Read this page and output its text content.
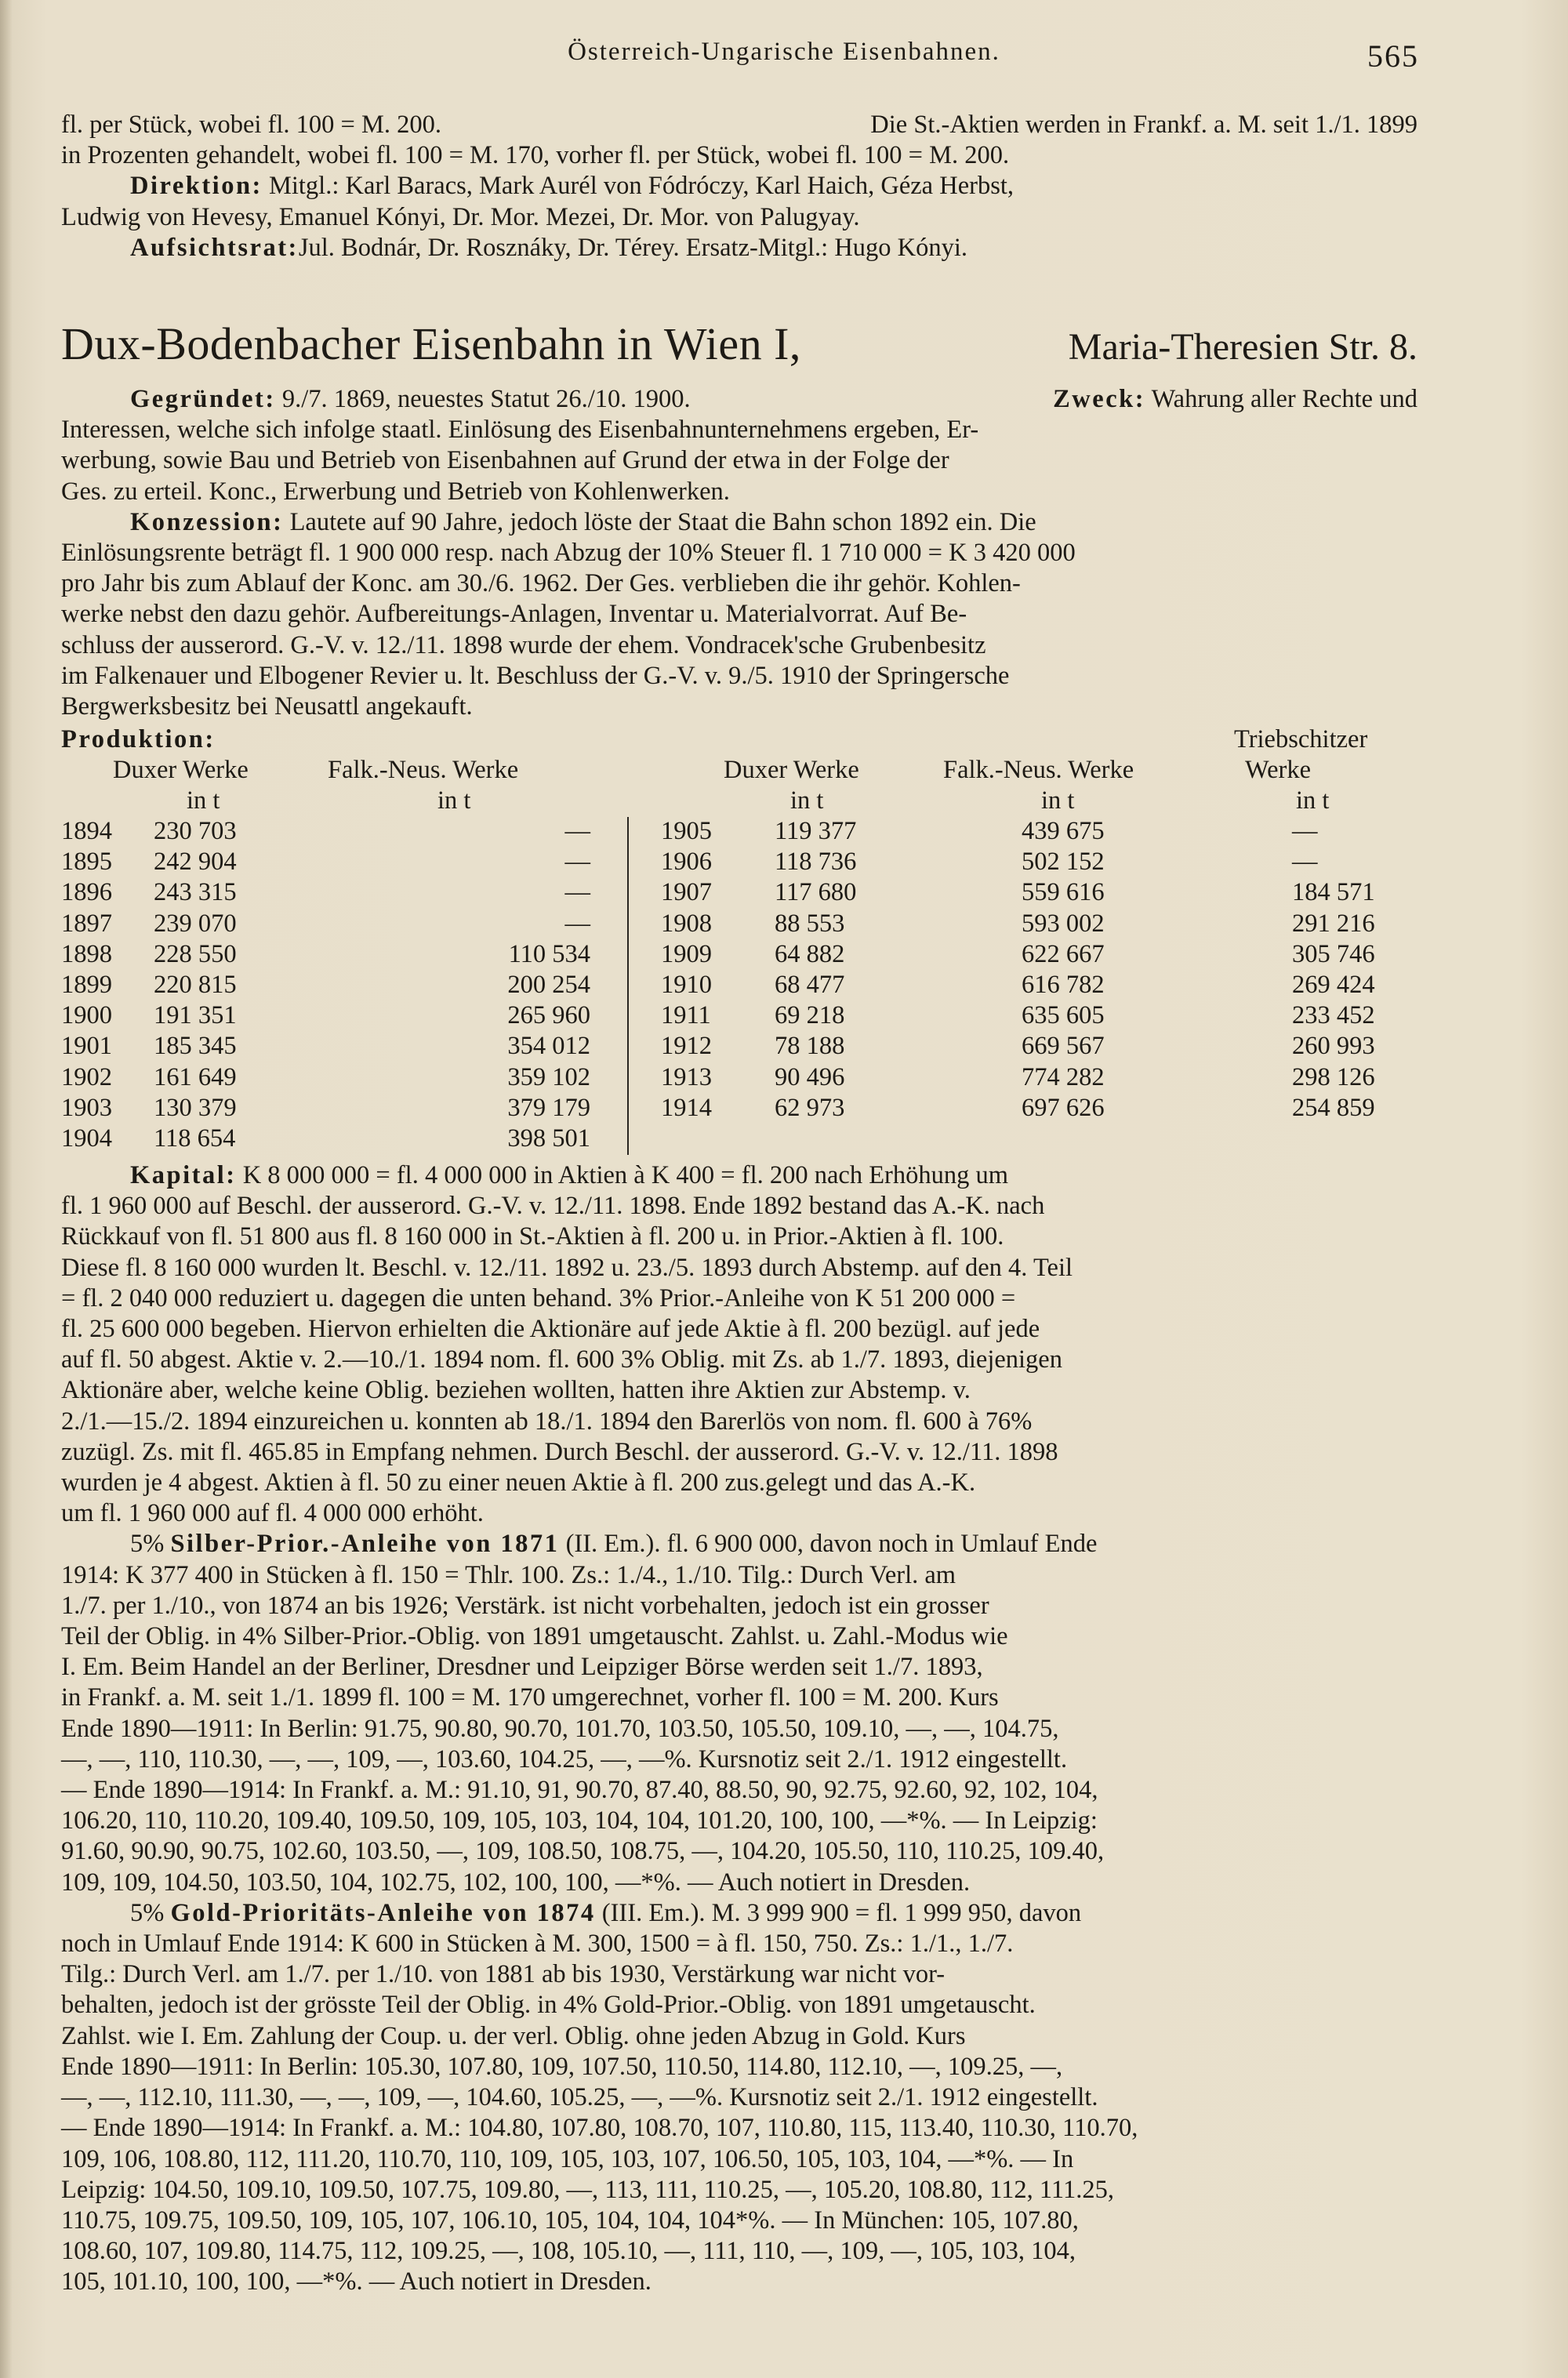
Österreich-Ungarische Eisenbahnen.	565
fl. per Stück, wobei fl. 100 = M. 200.	Die St.-Aktien werden in Frankf. a. M. seit 1./1. 1899
in Prozenten gehandelt, wobei fl. 100 = M. 170, vorher fl. per Stück, wobei fl. 100 = M. 200.
Direktion: Mitgl.: Karl Baracs, Mark Aurél von Fódróczy, Karl Haich, Géza Herbst,
Ludwig von Hevesy, Emanuel Kónyi, Dr. Mor. Mezei, Dr. Mor. von Palugyay.
Aufsichtsrat: Jul. Bodnár, Dr. Rosznáky, Dr. Térey. Ersatz-Mitgl.: Hugo Kónyi.
Dux-Bodenbacher Eisenbahn in Wien I,	Maria-Theresien Str. 8.
Gegründet: 9./7. 1869, neuestes Statut 26./10. 1900.	Zweck: Wahrung aller Rechte und
Interessen, welche sich infolge staatl. Einlösung des Eisenbahnunternehmens ergeben, Er-
werbung, sowie Bau und Betrieb von Eisenbahnen auf Grund der etwa in der Folge der
Ges. zu erteil. Konc., Erwerbung und Betrieb von Kohlenwerken.
Konzession: Lautete auf 90 Jahre, jedoch löste der Staat die Bahn schon 1892 ein. Die
Einlösungsrente beträgt fl. 1 900 000 resp. nach Abzug der 10% Steuer fl. 1 710 000 = K 3 420 000
pro Jahr bis zum Ablauf der Konc. am 30./6. 1962. Der Ges. verblieben die ihr gehör. Kohlen-
werke nebst den dazu gehör. Aufbereitungs-Anlagen, Inventar u. Materialvorrat. Auf Be-
schluss der ausserord. G.-V. v. 12./11. 1898 wurde der ehem. Vondracek'sche Grubenbesitz
im Falkenauer und Elbogener Revier u. lt. Beschluss der G.-V. v. 9./5. 1910 der Springersche
Bergwerksbesitz bei Neusattl angekauft.
Produktion:	Triebschitzer
Duxer Werke	Falk.-Neus. Werke	Duxer Werke	Falk.-Neus. Werke	Werke
in t	in t	in t	in t	in t
1894	230 703	—	1905	119 377	439 675	—
1895	242 904	—	1906	118 736	502 152	—
1896	243 315	—	1907	117 680	559 616	184 571
1897	239 070	—	1908	88 553	593 002	291 216
1898	228 550	110 534	1909	64 882	622 667	305 746
1899	220 815	200 254	1910	68 477	616 782	269 424
1900	191 351	265 960	1911	69 218	635 605	233 452
1901	185 345	354 012	1912	78 188	669 567	260 993
1902	161 649	359 102	1913	90 496	774 282	298 126
1903	130 379	379 179	1914	62 973	697 626	254 859
1904	118 654	398 501
Kapital: K 8 000 000 = fl. 4 000 000 in Aktien à K 400 = fl. 200 nach Erhöhung um
fl. 1 960 000 auf Beschl. der ausserord. G.-V. v. 12./11. 1898. Ende 1892 bestand das A.-K. nach
Rückkauf von fl. 51 800 aus fl. 8 160 000 in St.-Aktien à fl. 200 u. in Prior.-Aktien à fl. 100.
Diese fl. 8 160 000 wurden lt. Beschl. v. 12./11. 1892 u. 23./5. 1893 durch Abstemp. auf den 4. Teil
= fl. 2 040 000 reduziert u. dagegen die unten behand. 3% Prior.-Anleihe von K 51 200 000 =
fl. 25 600 000 begeben. Hiervon erhielten die Aktionäre auf jede Aktie à fl. 200 bezügl. auf jede
auf fl. 50 abgest. Aktie v. 2.—10./1. 1894 nom. fl. 600 3% Oblig. mit Zs. ab 1./7. 1893, diejenigen
Aktionäre aber, welche keine Oblig. beziehen wollten, hatten ihre Aktien zur Abstemp. v.
2./1.—15./2. 1894 einzureichen u. konnten ab 18./1. 1894 den Barerlös von nom. fl. 600 à 76%
zuzügl. Zs. mit fl. 465.85 in Empfang nehmen. Durch Beschl. der ausserord. G.-V. v. 12./11. 1898
wurden je 4 abgest. Aktien à fl. 50 zu einer neuen Aktie à fl. 200 zus.gelegt und das A.-K.
um fl. 1 960 000 auf fl. 4 000 000 erhöht.
5% Silber-Prior.-Anleihe von 1871 (II. Em.). fl. 6 900 000, davon noch in Umlauf Ende
1914: K 377 400 in Stücken à fl. 150 = Thlr. 100. Zs.: 1./4., 1./10. Tilg.: Durch Verl. am
1./7. per 1./10., von 1874 an bis 1926; Verstärk. ist nicht vorbehalten, jedoch ist ein grosser
Teil der Oblig. in 4% Silber-Prior.-Oblig. von 1891 umgetauscht. Zahlst. u. Zahl.-Modus wie
I. Em. Beim Handel an der Berliner, Dresdner und Leipziger Börse werden seit 1./7. 1893,
in Frankf. a. M. seit 1./1. 1899 fl. 100 = M. 170 umgerechnet, vorher fl. 100 = M. 200. Kurs
Ende 1890—1911: In Berlin: 91.75, 90.80, 90.70, 101.70, 103.50, 105.50, 109.10, —, —, 104.75,
—, —, 110, 110.30, —, —, 109, —, 103.60, 104.25, —, —%. Kursnotiz seit 2./1. 1912 eingestellt.
— Ende 1890—1914: In Frankf. a. M.: 91.10, 91, 90.70, 87.40, 88.50, 90, 92.75, 92.60, 92, 102, 104,
106.20, 110, 110.20, 109.40, 109.50, 109, 105, 103, 104, 104, 101.20, 100, 100, —*%. — In Leipzig:
91.60, 90.90, 90.75, 102.60, 103.50, —, 109, 108.50, 108.75, —, 104.20, 105.50, 110, 110.25, 109.40,
109, 109, 104.50, 103.50, 104, 102.75, 102, 100, 100, —*%. — Auch notiert in Dresden.
5% Gold-Prioritäts-Anleihe von 1874 (III. Em.). M. 3 999 900 = fl. 1 999 950, davon
noch in Umlauf Ende 1914: K 600 in Stücken à M. 300, 1500 = à fl. 150, 750. Zs.: 1./1., 1./7.
Tilg.: Durch Verl. am 1./7. per 1./10. von 1881 ab bis 1930, Verstärkung war nicht vor-
behalten, jedoch ist der grösste Teil der Oblig. in 4% Gold-Prior.-Oblig. von 1891 umgetauscht.
Zahlst. wie I. Em. Zahlung der Coup. u. der verl. Oblig. ohne jeden Abzug in Gold. Kurs
Ende 1890—1911: In Berlin: 105.30, 107.80, 109, 107.50, 110.50, 114.80, 112.10, —, 109.25, —,
—, —, 112.10, 111.30, —, —, 109, —, 104.60, 105.25, —, —%. Kursnotiz seit 2./1. 1912 eingestellt.
— Ende 1890—1914: In Frankf. a. M.: 104.80, 107.80, 108.70, 107, 110.80, 115, 113.40, 110.30, 110.70,
109, 106, 108.80, 112, 111.20, 110.70, 110, 109, 105, 103, 107, 106.50, 105, 103, 104, —*%. — In
Leipzig: 104.50, 109.10, 109.50, 107.75, 109.80, —, 113, 111, 110.25, —, 105.20, 108.80, 112, 111.25,
110.75, 109.75, 109.50, 109, 105, 107, 106.10, 105, 104, 104, 104*%. — In München: 105, 107.80,
108.60, 107, 109.80, 114.75, 112, 109.25, —, 108, 105.10, —, 111, 110, —, 109, —, 105, 103, 104,
105, 101.10, 100, 100, —*%. — Auch notiert in Dresden.
